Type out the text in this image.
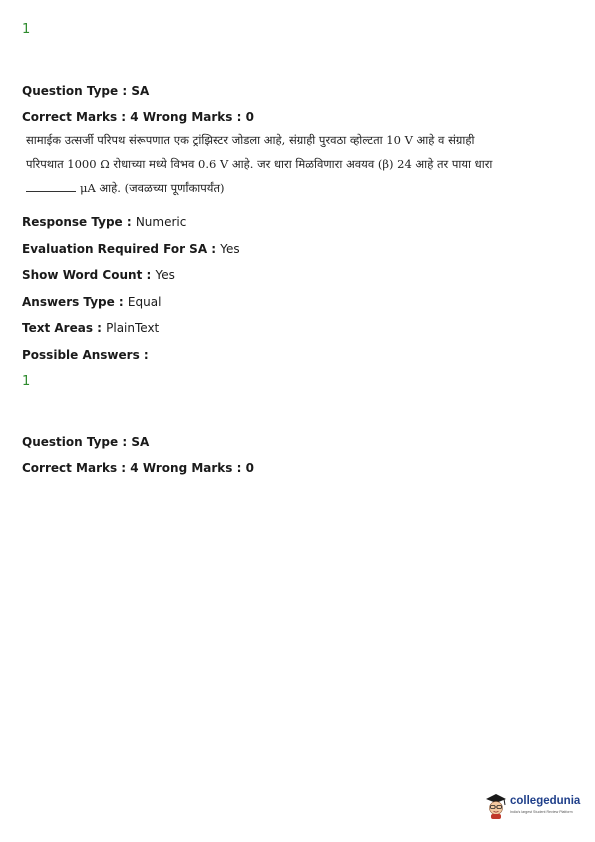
1
Question Type : SA
Correct Marks : 4 Wrong Marks : 0
सामाईक उत्सर्जी परिपथ संरूपणात एक ट्रांझिस्टर जोडला आहे, संग्राही पुरवठा व्होल्टता 10 V आहे व संग्राही
परिपथात 1000 Ω रोधाच्या मध्ये विभव 0.6 V आहे. जर धारा मिळविणारा अवयव (β) 24 आहे तर पाया धारा
μA आहे. (जवळच्या पूर्णांकापर्यंत)
Response Type : Numeric
Evaluation Required For SA : Yes
Show Word Count : Yes
Answers Type : Equal
Text Areas : PlainText
Possible Answers :
1
Question Type : SA
Correct Marks : 4 Wrong Marks : 0
collegedunia
India's largest Student Review Platform
